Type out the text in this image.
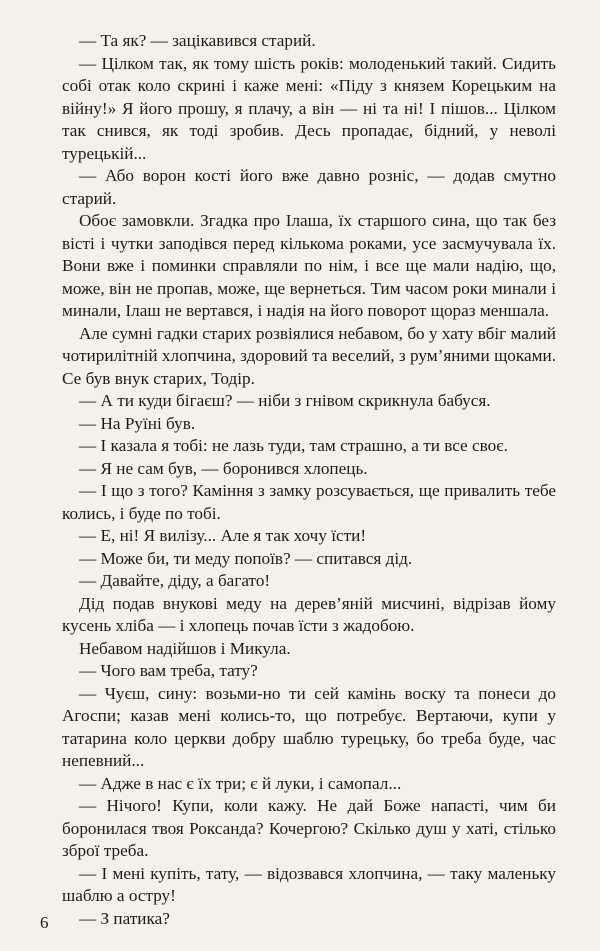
— Та як? — зацікавився старий.

— Цілком так, як тому шість років: молоденький такий. Сидить собі отак коло скрині і каже мені: «Піду з князем Корецьким на війну!» Я його прошу, я плачу, а він — ні та ні! І пішов... Цілком так снився, як тоді зробив. Десь пропадає, бідний, у неволі турецькій...

— Або ворон кості його вже давно розніс, — додав смутно старий.

Обоє замовкли. Згадка про Ілаша, їх старшого сина, що так без вісті і чутки заподівся перед кількома роками, усе засмучувала їх. Вони вже і поминки справляли по нім, і все ще мали надію, що, може, він не пропав, може, ще вернеться. Тим часом роки минали і минали, Ілаш не вертався, і надія на його поворот щораз меншала.

Але сумні гадки старих розвіялися небавом, бо у хату вбіг малий чотирилітній хлопчина, здоровий та веселий, з рум’яними щоками. Се був внук старих, Тодір.

— А ти куди бігаєш? — ніби з гнівом скрикнула бабуся.

— На Руїні був.

— І казала я тобі: не лазь туди, там страшно, а ти все своє.

— Я не сам був, — боронився хлопець.

— І що з того? Каміння з замку розсувається, ще привалить тебе колись, і буде по тобі.

— Е, ні! Я вилізу... Але я так хочу їсти!

— Може би, ти меду попоїв? — спитався дід.

— Давайте, діду, а багато!

Дід подав внукові меду на дерев’яній мисчині, відрізав йому кусень хліба — і хлопець почав їсти з жадобою.

Небавом надійшов і Микула.

— Чого вам треба, тату?

— Чуєш, сину: возьми-но ти сей камінь воску та понеси до Агоспи; казав мені колись-то, що потребує. Вертаючи, купи у татарина коло церкви добру шаблю турецьку, бо треба буде, час непевний...

— Адже в нас є їх три; є й луки, і самопал...

— Нічого! Купи, коли кажу. Не дай Боже напасті, чим би боронилася твоя Роксанда? Кочергою? Скілько душ у хаті, стілько зброї треба.

— І мені купіть, тату, — відозвався хлопчина, — таку маленьку шаблю а остру!

— З патика?

6
